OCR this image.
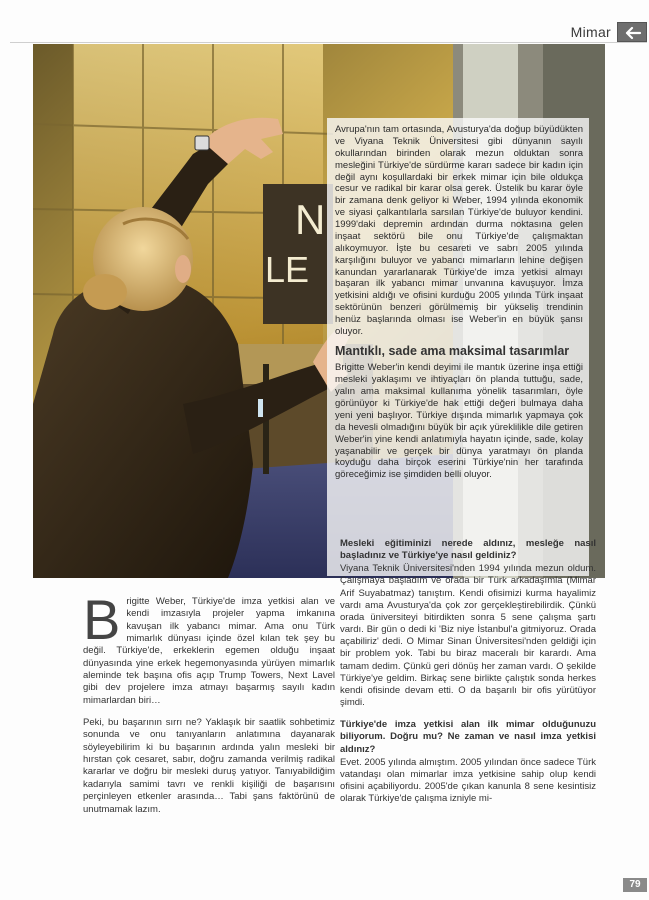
Mimar
N
LE

Avrupa'nın tam ortasında, Avusturya'da doğup büyüdükten ve Viyana Teknik Üniversitesi gibi dünyanın sayılı okullarından birinden olarak mezun olduktan sonra mesleğini Türkiye'de sürdürme kararı sadece bir kadın için değil aynı koşullardaki bir erkek mimar için bile oldukça cesur ve radikal bir karar olsa gerek. Üstelik bu karar öyle bir zamana denk geliyor ki Weber, 1994 yılında ekonomik ve siyasi çalkantılarla sarsılan Türkiye'de buluyor kendini. 1999'daki depremin ardından durma noktasına gelen inşaat sektörü bile onu Türkiye'de çalışmaktan alıkoymuyor. İşte bu cesareti ve sabrı 2005 yılında karşılığını buluyor ve yabancı mimarların lehine değişen kanundan yararlanarak Türkiye'de imza yetkisi almayı başaran ilk yabancı mimar unvanına kavuşuyor. İmza yetkisini aldığı ve ofisini kurduğu 2005 yılında Türk inşaat sektörünün benzeri görülmemiş bir yükseliş trendinin henüz başlarında olması ise Weber'in en büyük şansı oluyor.

Mantıklı, sade ama maksimal tasarımlar

Brigitte Weber'in kendi deyimi ile mantık üzerine inşa ettiği mesleki yaklaşımı ve ihtiyaçları ön planda tuttuğu, sade, yalın ama maksimal kullanıma yönelik tasarımları, öyle görünüyor ki Türkiye'de hak ettiği değeri bulmaya daha yeni yeni başlıyor. Türkiye dışında mimarlık yapmaya çok da hevesli olmadığını büyük bir açık yüreklilikle dile getiren Weber'in yine kendi anlatımıyla hayatın içinde, sade, kolay yaşanabilir ve gerçek bir dünya yaratmayı ön planda koyduğu daha birçok eserini Türkiye'nin her tarafında göreceğimiz ise şimdiden belli oluyor.

Brigitte Weber, Türkiye'de imza yetkisi alan ve kendi imzasıyla projeler yapma imkanına kavuşan ilk yabancı mimar. Ama onu Türk mimarlık dünyası içinde özel kılan tek şey bu değil. Türkiye'de, erkeklerin egemen olduğu inşaat dünyasında yine erkek hegemonyasında yürüyen mimarlık aleminde tek başına ofis açıp Trump Towers, Next Lavel gibi dev projelere imza atmayı başarmış sayılı kadın mimarlardan biri…

Peki, bu başarının sırrı ne? Yaklaşık bir saatlik sohbetimiz sonunda ve onu tanıyanların anlatımına dayanarak söyleyebilirim ki bu başarının ardında yalın mesleki bir hırstan çok cesaret, sabır, doğru zamanda verilmiş radikal kararlar ve doğru bir mesleki duruş yatıyor. Tanıyabildiğim kadarıyla samimi tavrı ve renkli kişiliği de başarısını perçinleyen etkenler arasında… Tabi şans faktörünü de unutmamak lazım.

Mesleki eğitiminizi nerede aldınız, mesleğe nasıl başladınız ve Türkiye'ye nasıl geldiniz?
Viyana Teknik Üniversitesi'nden 1994 yılında mezun oldum. Çalışmaya başladım ve orada bir Türk arkadaşımla (Mimar Arif Suyabatmaz) tanıştım. Kendi ofisimizi kurma hayalimiz vardı ama Avusturya'da çok zor gerçekleştirebilirdik. Çünkü orada üniversiteyi bitirdikten sonra 5 sene çalışma şartı vardı. Bir gün o dedi ki 'Biz niye İstanbul'a gitmiyoruz. Orada açabiliriz' dedi. O Mimar Sinan Üniversitesi'nden geldiği için bir problem yok. Tabi bu biraz maceralı bir karardı. Ama tamam dedim. Çünkü geri dönüş her zaman vardı. O şekilde Türkiye'ye geldim. Birkaç sene birlikte çalıştık sonda herkes kendi ofisinde devam etti. O da başarılı bir ofis yürütüyor şimdi.
Türkiye'de imza yetkisi alan ilk mimar olduğunuzu biliyorum. Doğru mu? Ne zaman ve nasıl imza yetkisi aldınız?
Evet. 2005 yılında almıştım. 2005 yılından önce sadece Türk vatandaşı olan mimarlar imza yetkisine sahip olup kendi ofisini açabiliyordu. 2005'de çıkan kanunla 8 sene kesintisiz olarak Türkiye'de çalışma izniyle mi-
79
